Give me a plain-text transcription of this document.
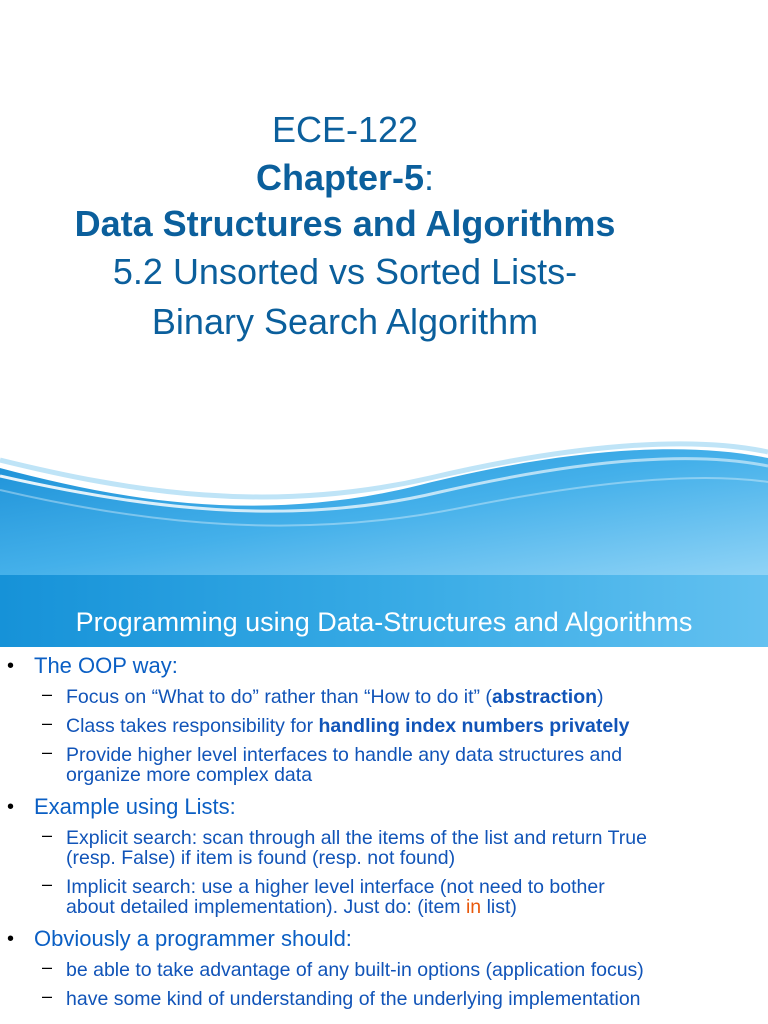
ECE-122
Chapter-5:
Data Structures and Algorithms
5.2 Unsorted vs Sorted Lists-
Binary Search Algorithm
Programming using Data-Structures and Algorithms
• The OOP way:
– Focus on “What to do” rather than “How to do it” (abstraction)
– Class takes responsibility for handling index numbers privately
– Provide higher level interfaces to handle any data structures and
organize more complex data
• Example using Lists:
– Explicit search: scan through all the items of the list and return True
(resp. False) if item is found (resp. not found)
– Implicit search: use a higher level interface (not need to bother
about detailed implementation). Just do: (item in list)
• Obviously a programmer should:
– be able to take advantage of any built-in options (application focus)
– have some kind of understanding of the underlying implementation
